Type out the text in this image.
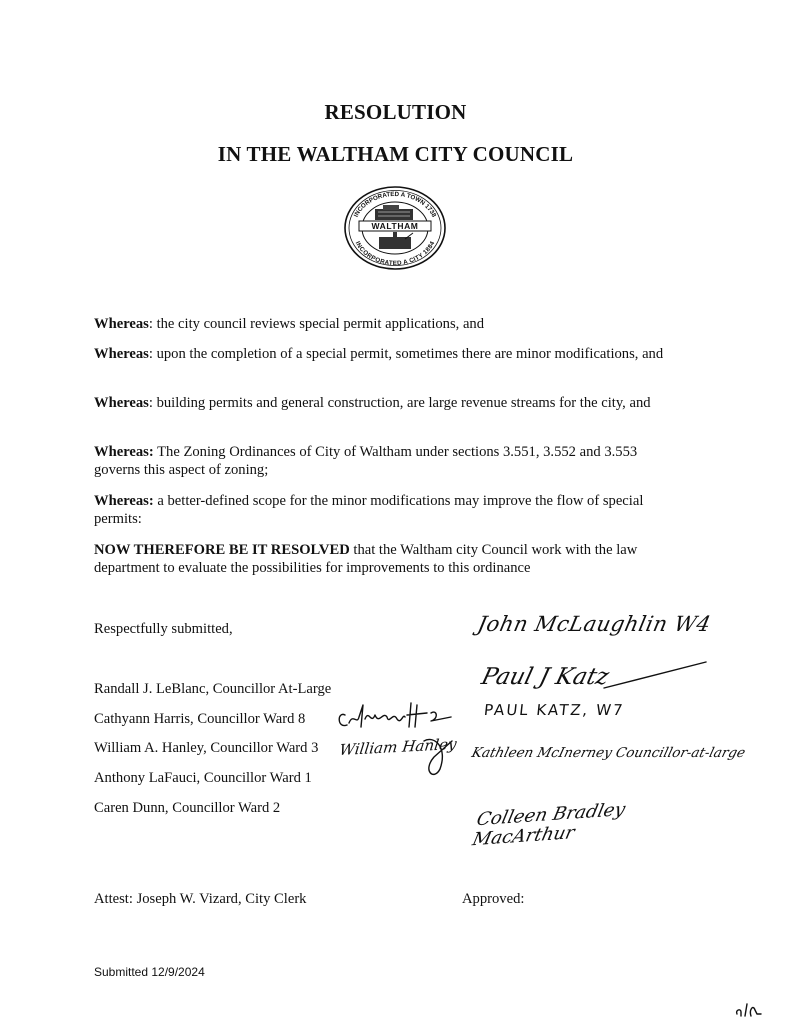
RESOLUTION
IN THE WALTHAM CITY COUNCIL
INCORPORATED A TOWN 1738
INCORPORATED A CITY 1884
WALTHAM
Whereas: the city council reviews special permit applications, and
Whereas: upon the completion of a special permit, sometimes there are minor modifications, and
Whereas: building permits and general construction, are large revenue streams for the city, and
Whereas: The Zoning Ordinances of City of Waltham under sections 3.551, 3.552 and 3.553 governs this aspect of zoning;
Whereas: a better-defined scope for the minor modifications may improve the flow of special permits:
NOW THEREFORE BE IT RESOLVED that the Waltham city Council work with the law department to evaluate the possibilities for improvements to this ordinance
Respectfully submitted,
Randall J. LeBlanc, Councillor At-Large
Cathyann Harris, Councillor Ward 8
William A. Hanley, Councillor Ward 3
Anthony LaFauci, Councillor Ward 1
Caren Dunn, Councillor Ward 2
Attest: Joseph W. Vizard, City Clerk	Approved:
Submitted 12/9/2024
John McLaughlin W4
Paul J Katz
PAUL KATZ, W7
Kathleen McInerney Councillor-at-large
Colleen Bradley MacArthur
William Hanley
